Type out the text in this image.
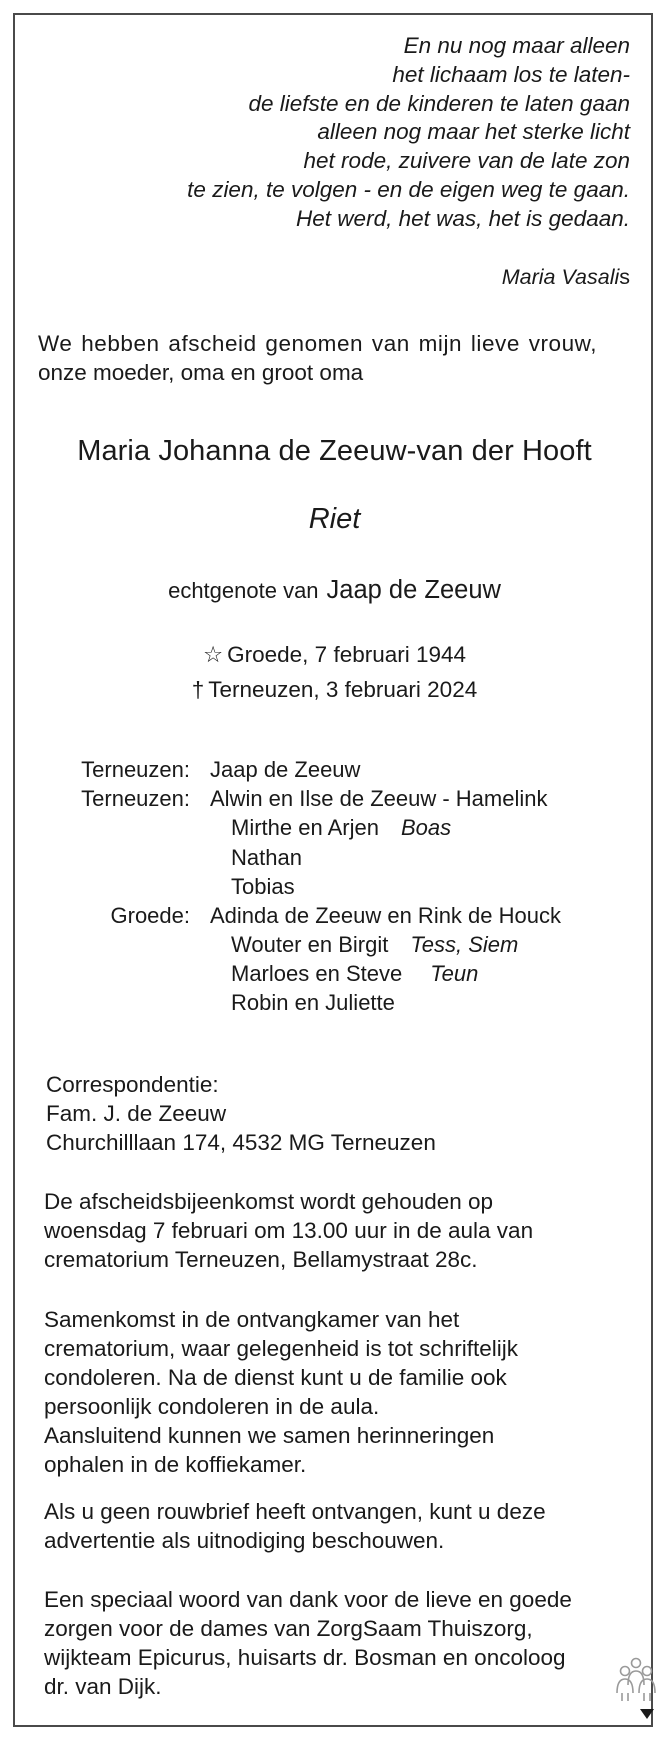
En nu nog maar alleen
het lichaam los te laten-
de liefste en de kinderen te laten gaan
alleen nog maar het sterke licht
het rode, zuivere van de late zon
te zien, te volgen - en de eigen weg te gaan.
Het werd, het was, het is gedaan.
Maria Vasalis
We hebben afscheid genomen van mijn lieve vrouw,
onze moeder, oma en groot oma
Maria Johanna de Zeeuw-van der Hooft
Riet
echtgenote van Jaap de Zeeuw
☆ Groede, 7 februari 1944
† Terneuzen, 3 februari 2024
Terneuzen: Jaap de Zeeuw
Terneuzen: Alwin en Ilse de Zeeuw - Hamelink
Mirthe en Arjen Boas
Nathan
Tobias
Groede: Adinda de Zeeuw en Rink de Houck
Wouter en Birgit Tess, Siem
Marloes en Steve Teun
Robin en Juliette
Correspondentie:
Fam. J. de Zeeuw
Churchilllaan 174, 4532 MG Terneuzen
De afscheidsbijeenkomst wordt gehouden op
woensdag 7 februari om 13.00 uur in de aula van
crematorium Terneuzen, Bellamystraat 28c.
Samenkomst in de ontvangkamer van het
crematorium, waar gelegenheid is tot schriftelijk
condoleren. Na de dienst kunt u de familie ook
persoonlijk condoleren in de aula.
Aansluitend kunnen we samen herinneringen
ophalen in de koffiekamer.
Als u geen rouwbrief heeft ontvangen, kunt u deze
advertentie als uitnodiging beschouwen.
Een speciaal woord van dank voor de lieve en goede
zorgen voor de dames van ZorgSaam Thuiszorg,
wijkteam Epicurus, huisarts dr. Bosman en oncoloog
dr. van Dijk.
